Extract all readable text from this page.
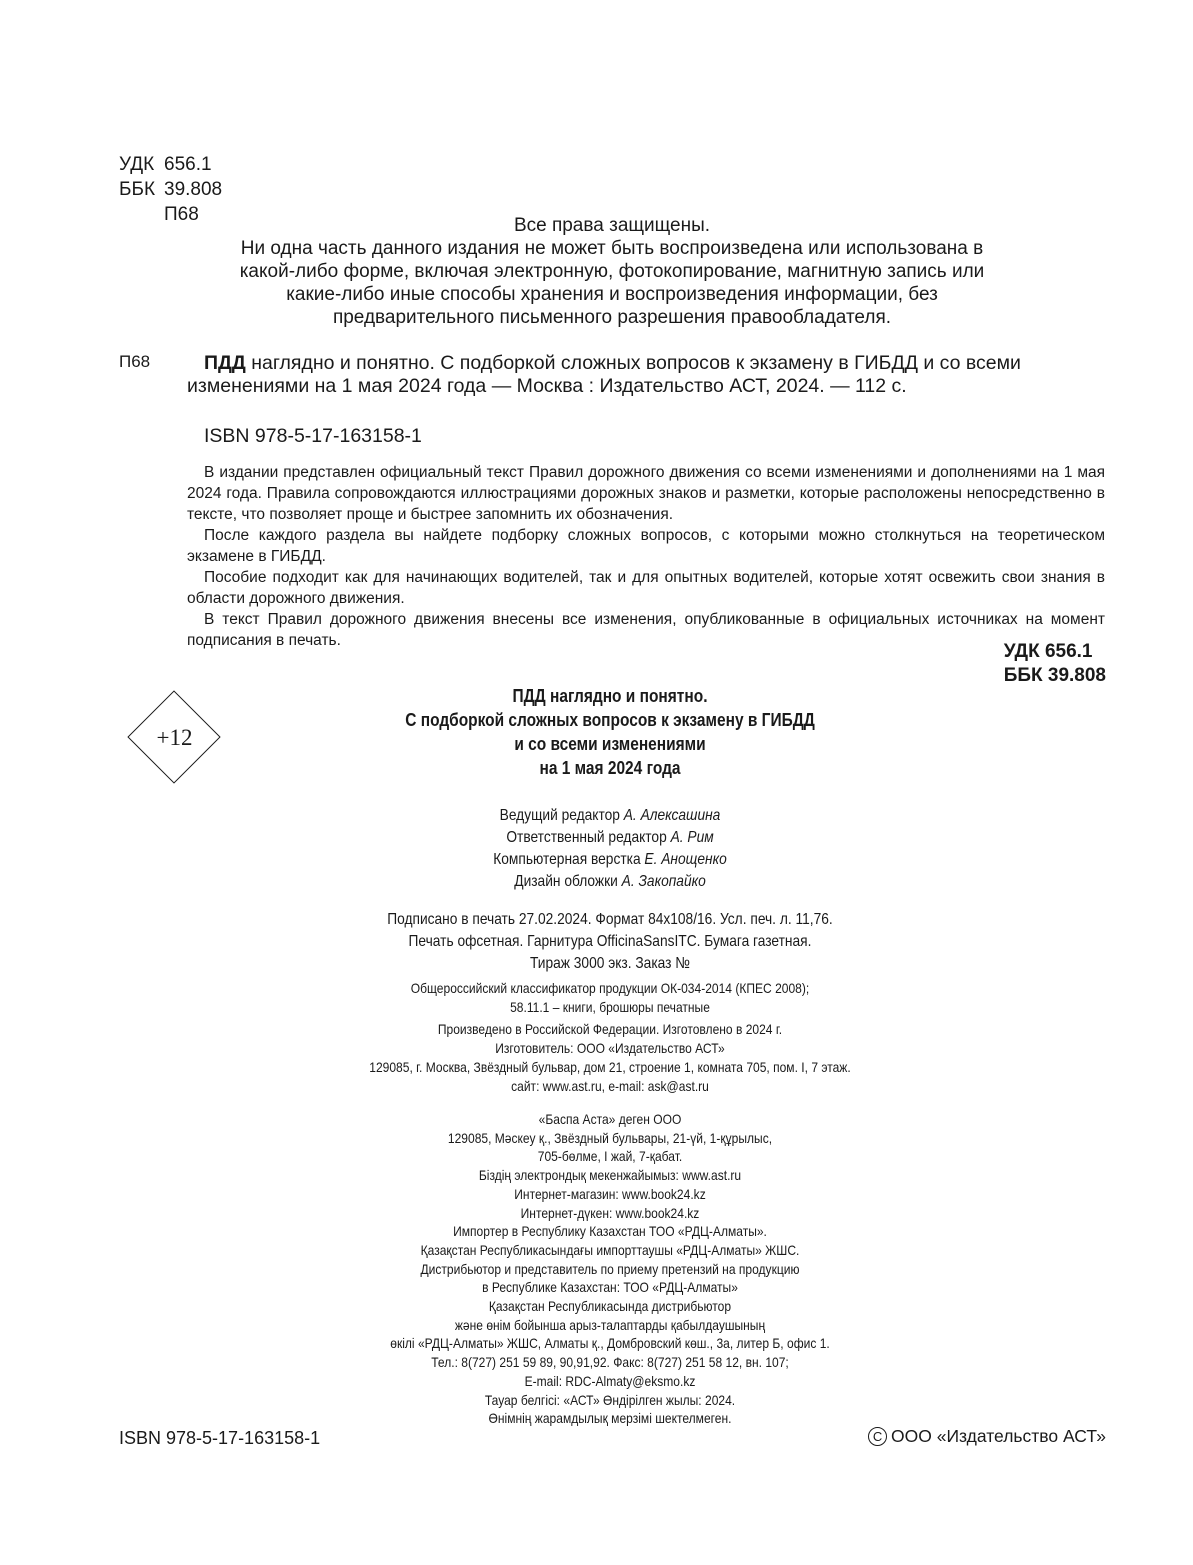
УДК 656.1
ББК 39.808
П68
Все права защищены.
Ни одна часть данного издания не может быть воспроизведена или использована в
какой-либо форме, включая электронную, фотокопирование, магнитную запись или
какие-либо иные способы хранения и воспроизведения информации, без
предварительного письменного разрешения правообладателя.
П68	ПДД наглядно и понятно. С подборкой сложных вопросов к экзамену в ГИБДД и со всеми
изменениями на 1 мая 2024 года — Москва : Издательство АСТ, 2024. — 112 с.
ISBN 978-5-17-163158-1

В издании представлен официальный текст Правил дорожного движения со всеми изменениями и дополнениями на 1 мая 2024 года. Правила сопровождаются иллюстрациями дорожных знаков и разметки, которые расположены непосредственно в тексте, что позволяет проще и быстрее запомнить их обозначения.

После каждого раздела вы найдете подборку сложных вопросов, с которыми можно столкнуться на теоретическом экзамене в ГИБДД.

Пособие подходит как для начинающих водителей, так и для опытных водителей, которые хотят освежить свои знания в области дорожного движения.

В текст Правил дорожного движения внесены все изменения, опубликованные в официальных источниках на момент подписания в печать.

УДК 656.1
ББК 39.808
+12
ПДД наглядно и понятно.
С подборкой сложных вопросов к экзамену в ГИБДД
и со всеми изменениями
на 1 мая 2024 года
Ведущий редактор А. Алексашина
Ответственный редактор А. Рим
Компьютерная верстка Е. Анощенко
Дизайн обложки А. Закопайко
Подписано в печать 27.02.2024. Формат 84x108/16. Усл. печ. л. 11,76.
Печать офсетная. Гарнитура OfficinaSansITC. Бумага газетная.
Тираж 3000 экз. Заказ №
Общероссийский классификатор продукции ОК-034-2014 (КПЕС 2008);
58.11.1 – книги, брошюры печатные
Произведено в Российской Федерации. Изготовлено в 2024 г.
Изготовитель: ООО «Издательство АСТ»
129085, г. Москва, Звёздный бульвар, дом 21, строение 1, комната 705, пом. I, 7 этаж.
сайт: www.ast.ru, e-mail: ask@ast.ru
«Баспа Аста» деген ООО
129085, Мәскеу қ., Звёздный бульвары, 21-үй, 1-құрылыс,
705-бөлме, I жай, 7-қабат.
Біздің электрондық мекенжайымыз: www.ast.ru
Интернет-магазин: www.book24.kz
Интернет-дүкен: www.book24.kz
Импортер в Республику Казахстан ТОО «РДЦ-Алматы».
Қазақстан Республикасындағы импорттаушы «РДЦ-Алматы» ЖШС.
Дистрибьютор и представитель по приему претензий на продукцию
в Республике Казахстан: ТОО «РДЦ-Алматы»
Қазақстан Республикасында дистрибьютор
және өнім бойынша арыз-талаптарды қабылдаушының
өкілі «РДЦ-Алматы» ЖШС, Алматы қ., Домбровский көш., 3а, литер Б, офис 1.
Тел.: 8(727) 251 59 89, 90,91,92. Факс: 8(727) 251 58 12, вн. 107;
E-mail: RDC-Almaty@eksmo.kz
Тауар белгісі: «АСТ» Өндірілген жылы: 2024.
Өнімнің жарамдылық мерзімі шектелмеген.
ISBN 978-5-17-163158-1	C ООО «Издательство АСТ»
